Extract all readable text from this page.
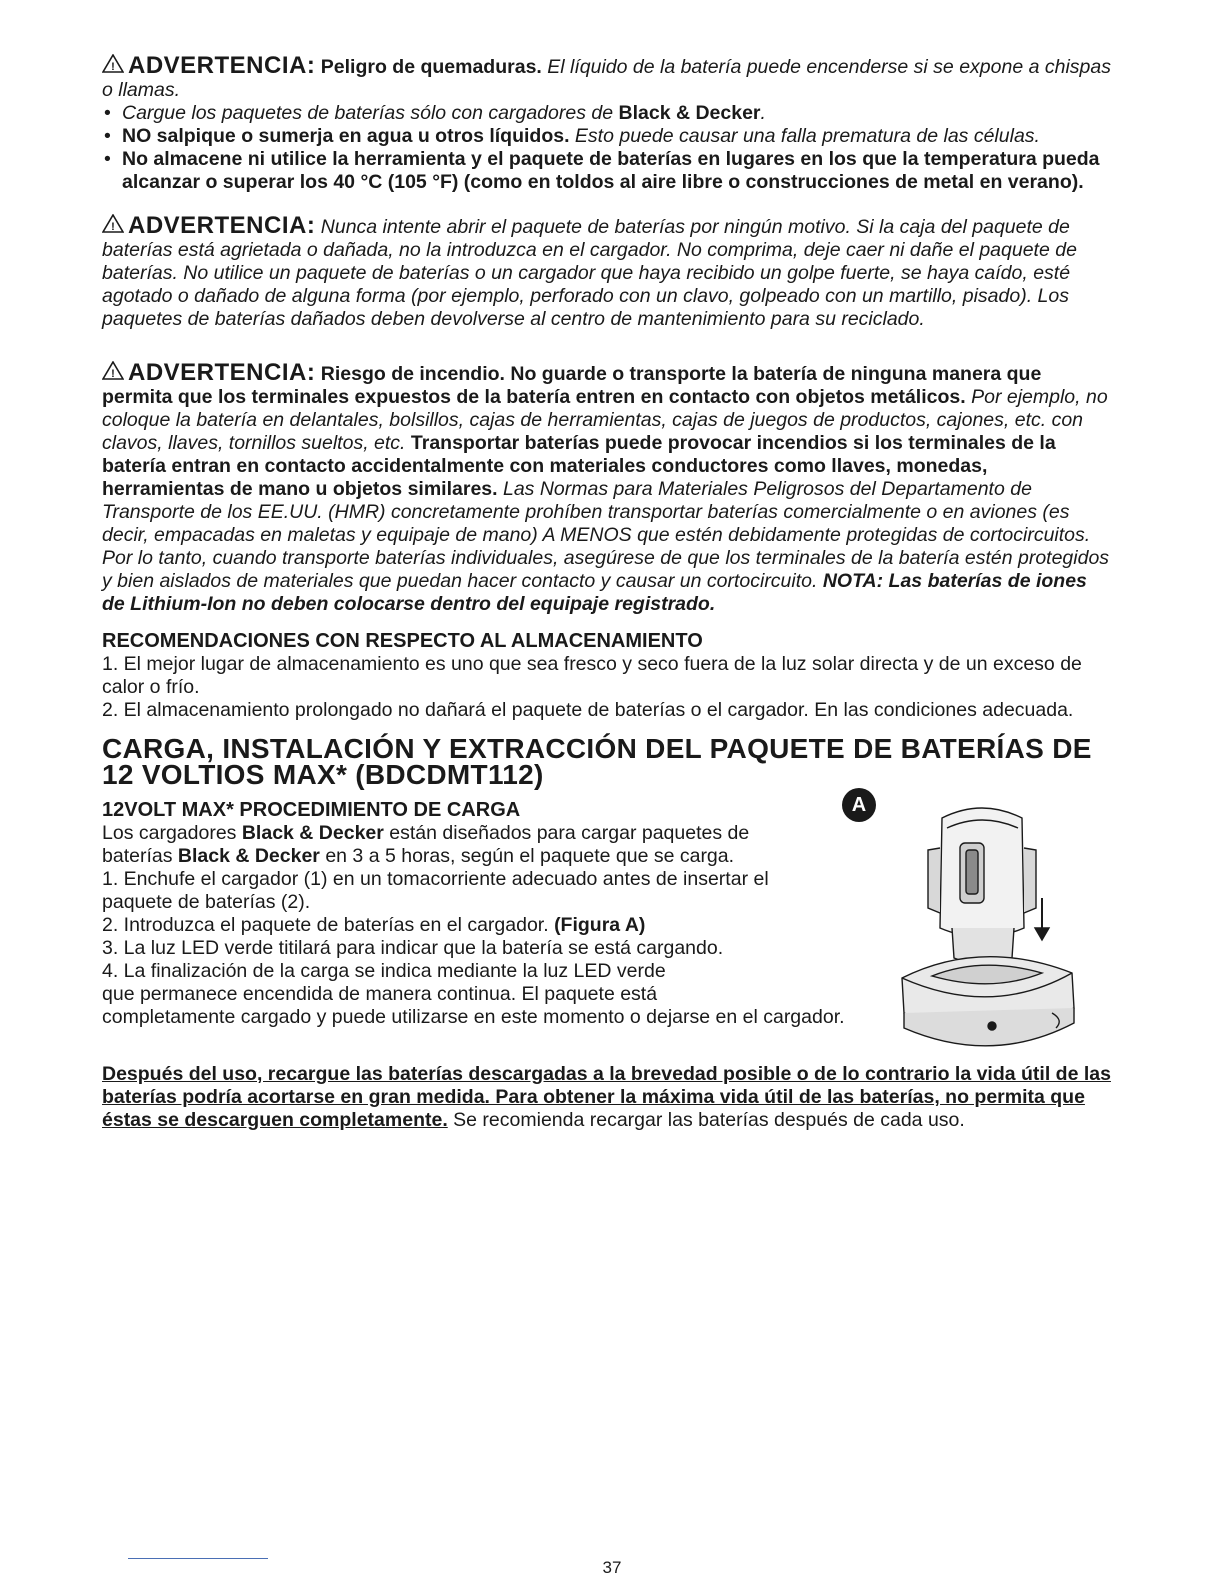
! ADVERTENCIA: Peligro de quemaduras. El líquido de la batería puede encenderse si se expone a chispas o llamas.

• Cargue los paquetes de baterías sólo con cargadores de Black & Decker.
• NO salpique o sumerja en agua u otros líquidos. Esto puede causar una falla prematura de las células.
• No almacene ni utilice la herramienta y el paquete de baterías en lugares en los que la temperatura pueda alcanzar o superar los 40 °C (105 °F) (como en toldos al aire libre o construcciones de metal en verano).

! ADVERTENCIA: Nunca intente abrir el paquete de baterías por ningún motivo. Si la caja del paquete de baterías está agrietada o dañada, no la introduzca en el cargador. No comprima, deje caer ni dañe el paquete de baterías. No utilice un paquete de baterías o un cargador que haya recibido un golpe fuerte, se haya caído, esté agotado o dañado de alguna forma (por ejemplo, perforado con un clavo, golpeado con un martillo, pisado). Los paquetes de baterías dañados deben devolverse al centro de mantenimiento para su reciclado.

! ADVERTENCIA: Riesgo de incendio. No guarde o transporte la batería de ninguna manera que permita que los terminales expuestos de la batería entren en contacto con objetos metálicos. Por ejemplo, no coloque la batería en delantales, bolsillos, cajas de herramientas, cajas de juegos de productos, cajones, etc. con clavos, llaves, tornillos sueltos, etc. Transportar baterías puede provocar incendios si los terminales de la batería entran en contacto accidentalmente con materiales conductores como llaves, monedas, herramientas de mano u objetos similares. Las Normas para Materiales Peligrosos del Departamento de Transporte de los EE.UU. (HMR) concretamente prohíben transportar baterías comercialmente o en aviones (es decir, empacadas en maletas y equipaje de mano) A MENOS que estén debidamente protegidas de cortocircuitos. Por lo tanto, cuando transporte baterías individuales, asegúrese de que los terminales de la batería estén protegidos y bien aislados de materiales que puedan hacer contacto y causar un cortocircuito. NOTA: Las baterías de iones de Lithium-Ion no deben colocarse dentro del equipaje registrado.

RECOMENDACIONES CON RESPECTO AL ALMACENAMIENTO

1. El mejor lugar de almacenamiento es uno que sea fresco y seco fuera de la luz solar directa y de un exceso de calor o frío.

2. El almacenamiento prolongado no dañará el paquete de baterías o el cargador. En las condiciones adecuada.

CARGA, INSTALACIÓN Y EXTRACCIÓN DEL PAQUETE DE BATERÍAS DE 12 VOLTIOS MAX* (BDCDMT112)

12VOLT MAX* PROCEDIMIENTO DE CARGA

Los cargadores Black & Decker están diseñados para cargar paquetes de baterías Black & Decker en 3 a 5 horas, según el paquete que se carga.

1. Enchufe el cargador (1) en un tomacorriente adecuado antes de insertar el paquete de baterías (2).

2. Introduzca el paquete de baterías en el cargador. (Figura A)

3. La luz LED verde titilará para indicar que la batería se está cargando.

4. La finalización de la carga se indica mediante la luz LED verde

que permanece encendida de manera continua. El paquete está

completamente cargado y puede utilizarse en este momento o dejarse en el cargador.

A

Después del uso, recargue las baterías descargadas a la brevedad posible o de lo contrario la vida útil de las baterías podría acortarse en gran medida. Para obtener la máxima vida útil de las baterías, no permita que éstas se descarguen completamente. Se recomienda recargar las baterías después de cada uso.

37
